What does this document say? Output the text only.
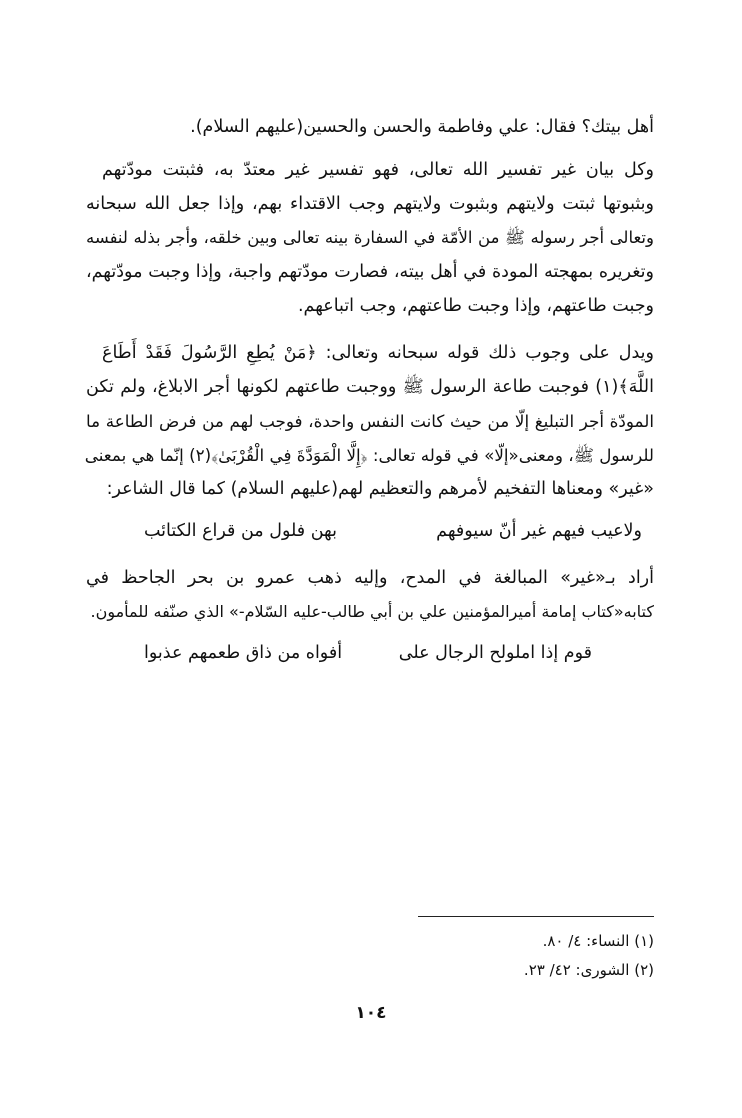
أهل بيتك؟ فقال: علي وفاطمة والحسن والحسين(عليهم السلام).
وكل بيان غير تفسير الله تعالى، فهو تفسير غير معتدّ به، فثبتت مودّتهم
وبثبوتها ثبتت ولايتهم وبثبوت ولايتهم وجب الاقتداء بهم، وإذا جعل الله سبحانه
وتعالى أجر رسوله ﷺ من الأمّة في السفارة بينه تعالى وبين خلقه، وأجر بذله لنفسه
وتغريره بمهجته المودة في أهل بيته، فصارت مودّتهم واجبة، وإذا وجبت مودّتهم،
وجبت طاعتهم، وإذا وجبت طاعتهم، وجب اتباعهم.
ويدل على وجوب ذلك قوله سبحانه وتعالى: ﴿مَنْ يُطِعِ الرَّسُولَ فَقَدْ أَطَاعَ
اللَّهَ﴾(١) فوجبت طاعة الرسول ﷺ ووجبت طاعتهم لكونها أجر الابلاغ، ولم تكن
المودّة أجر التبليغ إلّا من حيث كانت النفس واحدة، فوجب لهم من فرض الطاعة ما
للرسول ﷺ، ومعنى«إلّا» في قوله تعالى: ﴿إِلَّا الْمَوَدَّةَ فِي الْقُرْبَىٰ﴾(٢) إنّما هي بمعنى
«غير» ومعناها التفخيم لأمرهم والتعظيم لهم(عليهم السلام) كما قال الشاعر:
ولاعيب فيهم غير أنّ سيوفهم
بهن فلول من قراع الكتائب
أراد بـ«غير» المبالغة في المدح، وإليه ذهب عمرو بن بحر الجاحظ في
كتابه«كتاب إمامة أميرالمؤمنين علي بن أبي طالب-عليه السّلام-» الذي صنّفه للمأمون.
قوم إذا املولح الرجال على
أفواه من ذاق طعمهم عذبوا
(١) النساء: ٤/ ٨٠.
(٢) الشورى: ٤٢/ ٢٣.
١٠٤
